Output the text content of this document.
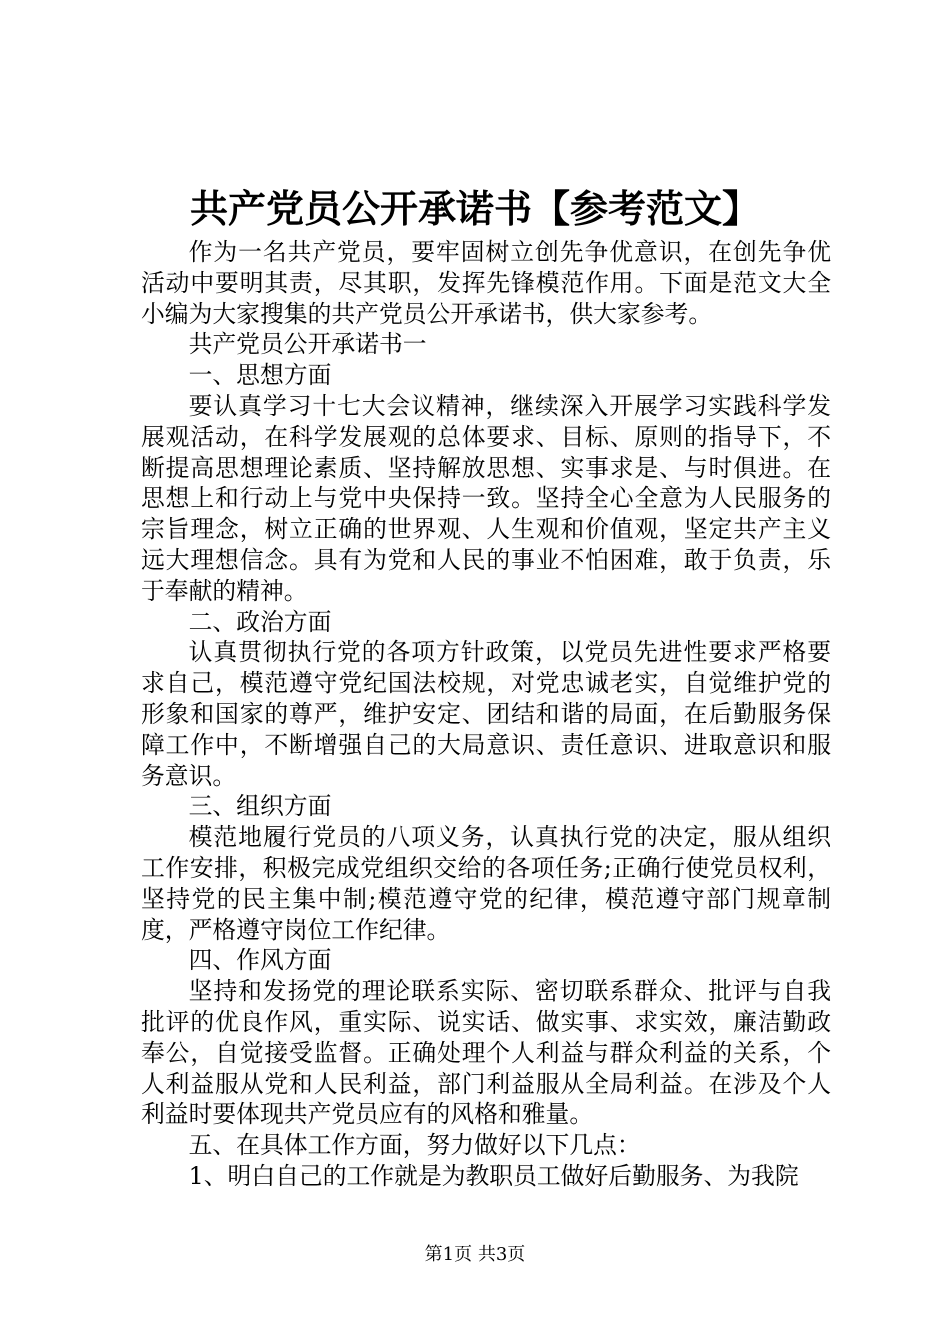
共产党员公开承诺书【参考范文】

作为一名共产党员，要牢固树立创先争优意识，在创先争优活动中要明其责，尽其职，发挥先锋模范作用。下面是范文大全小编为大家搜集的共产党员公开承诺书，供大家参考。

共产党员公开承诺书一

一、思想方面

要认真学习十七大会议精神，继续深入开展学习实践科学发展观活动，在科学发展观的总体要求、目标、原则的指导下，不断提高思想理论素质、坚持解放思想、实事求是、与时俱进。在思想上和行动上与党中央保持一致。坚持全心全意为人民服务的宗旨理念，树立正确的世界观、人生观和价值观，坚定共产主义远大理想信念。具有为党和人民的事业不怕困难，敢于负责，乐于奉献的精神。

二、政治方面

认真贯彻执行党的各项方针政策，以党员先进性要求严格要求自己，模范遵守党纪国法校规，对党忠诚老实，自觉维护党的形象和国家的尊严，维护安定、团结和谐的局面，在后勤服务保障工作中，不断增强自己的大局意识、责任意识、进取意识和服务意识。

三、组织方面

模范地履行党员的八项义务，认真执行党的决定，服从组织工作安排，积极完成党组织交给的各项任务;正确行使党员权利，坚持党的民主集中制;模范遵守党的纪律，模范遵守部门规章制度，严格遵守岗位工作纪律。

四、作风方面

坚持和发扬党的理论联系实际、密切联系群众、批评与自我批评的优良作风，重实际、说实话、做实事、求实效，廉洁勤政奉公，自觉接受监督。正确处理个人利益与群众利益的关系，个人利益服从党和人民利益，部门利益服从全局利益。在涉及个人利益时要体现共产党员应有的风格和雅量。

五、在具体工作方面，努力做好以下几点：

1、明白自己的工作就是为教职员工做好后勤服务、为我院

第1页 共3页
